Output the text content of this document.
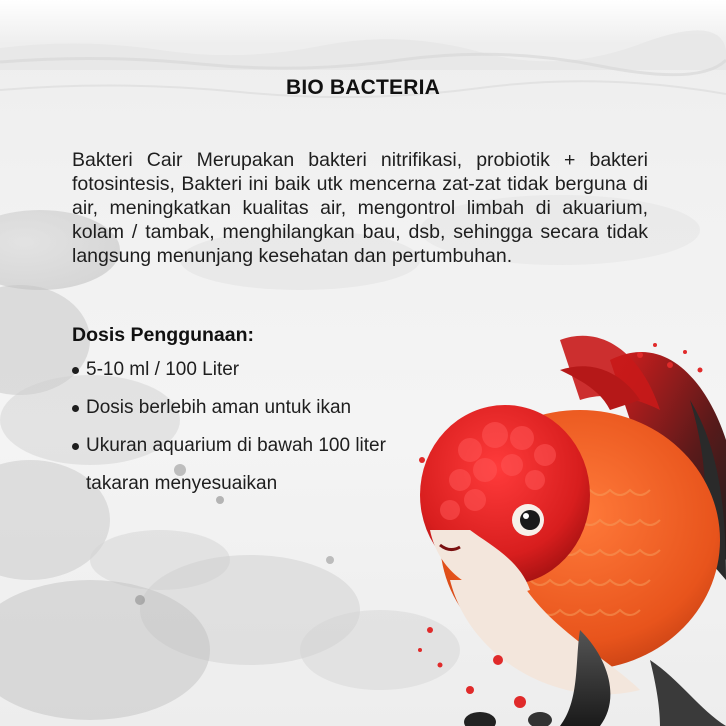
BIO BACTERIA

Bakteri Cair Merupakan bakteri nitrifikasi, probiotik + bakteri fotosintesis, Bakteri ini baik utk mencerna zat-zat tidak berguna di air, meningkatkan kualitas air, mengontrol limbah di akuarium, kolam / tambak, menghilangkan bau, dsb, sehingga secara tidak langsung menunjang kesehatan dan pertumbuhan.

Dosis Penggunaan:
5-10 ml / 100 Liter
Dosis berlebih aman untuk ikan
Ukuran aquarium di bawah 100 liter
takaran menyesuaikan
